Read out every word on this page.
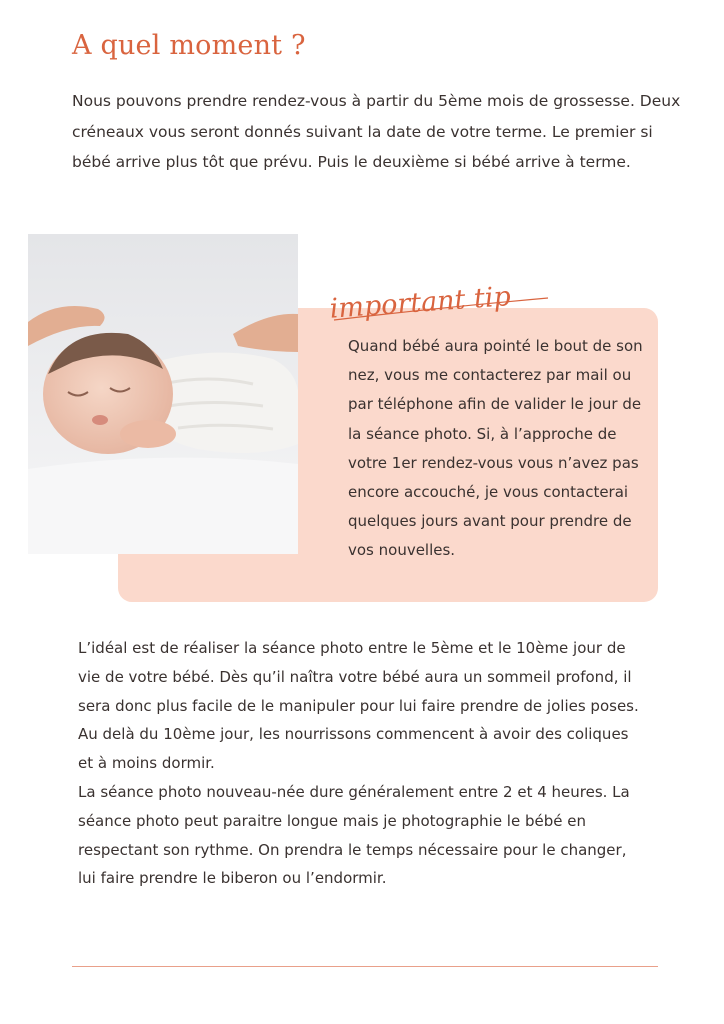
A quel moment ?

Nous pouvons prendre rendez-vous à partir du 5ème mois de grossesse. Deux créneaux vous seront donnés suivant la date de votre terme. Le premier si bébé arrive plus tôt que prévu. Puis le deuxième si bébé arrive à terme.

important tip

Quand bébé aura pointé le bout de son nez, vous me contacterez par mail ou par téléphone afin de valider le jour de la séance photo. Si, à l’approche de votre 1er rendez-vous vous n’avez pas encore accouché, je vous contacterai quelques jours avant pour prendre de vos nouvelles.

L’idéal est de réaliser la séance photo entre le 5ème et le 10ème jour de vie de votre bébé. Dès qu’il naîtra votre bébé aura un sommeil profond, il sera donc plus facile de le manipuler pour lui faire prendre de jolies poses. Au delà du 10ème jour, les nourrissons commencent à avoir des coliques et à moins dormir.
La séance photo nouveau-née dure généralement entre 2 et 4 heures. La séance photo peut paraitre longue mais je photographie le bébé en respectant son rythme. On prendra le temps nécessaire pour le changer, lui faire prendre le biberon ou l’endormir.
